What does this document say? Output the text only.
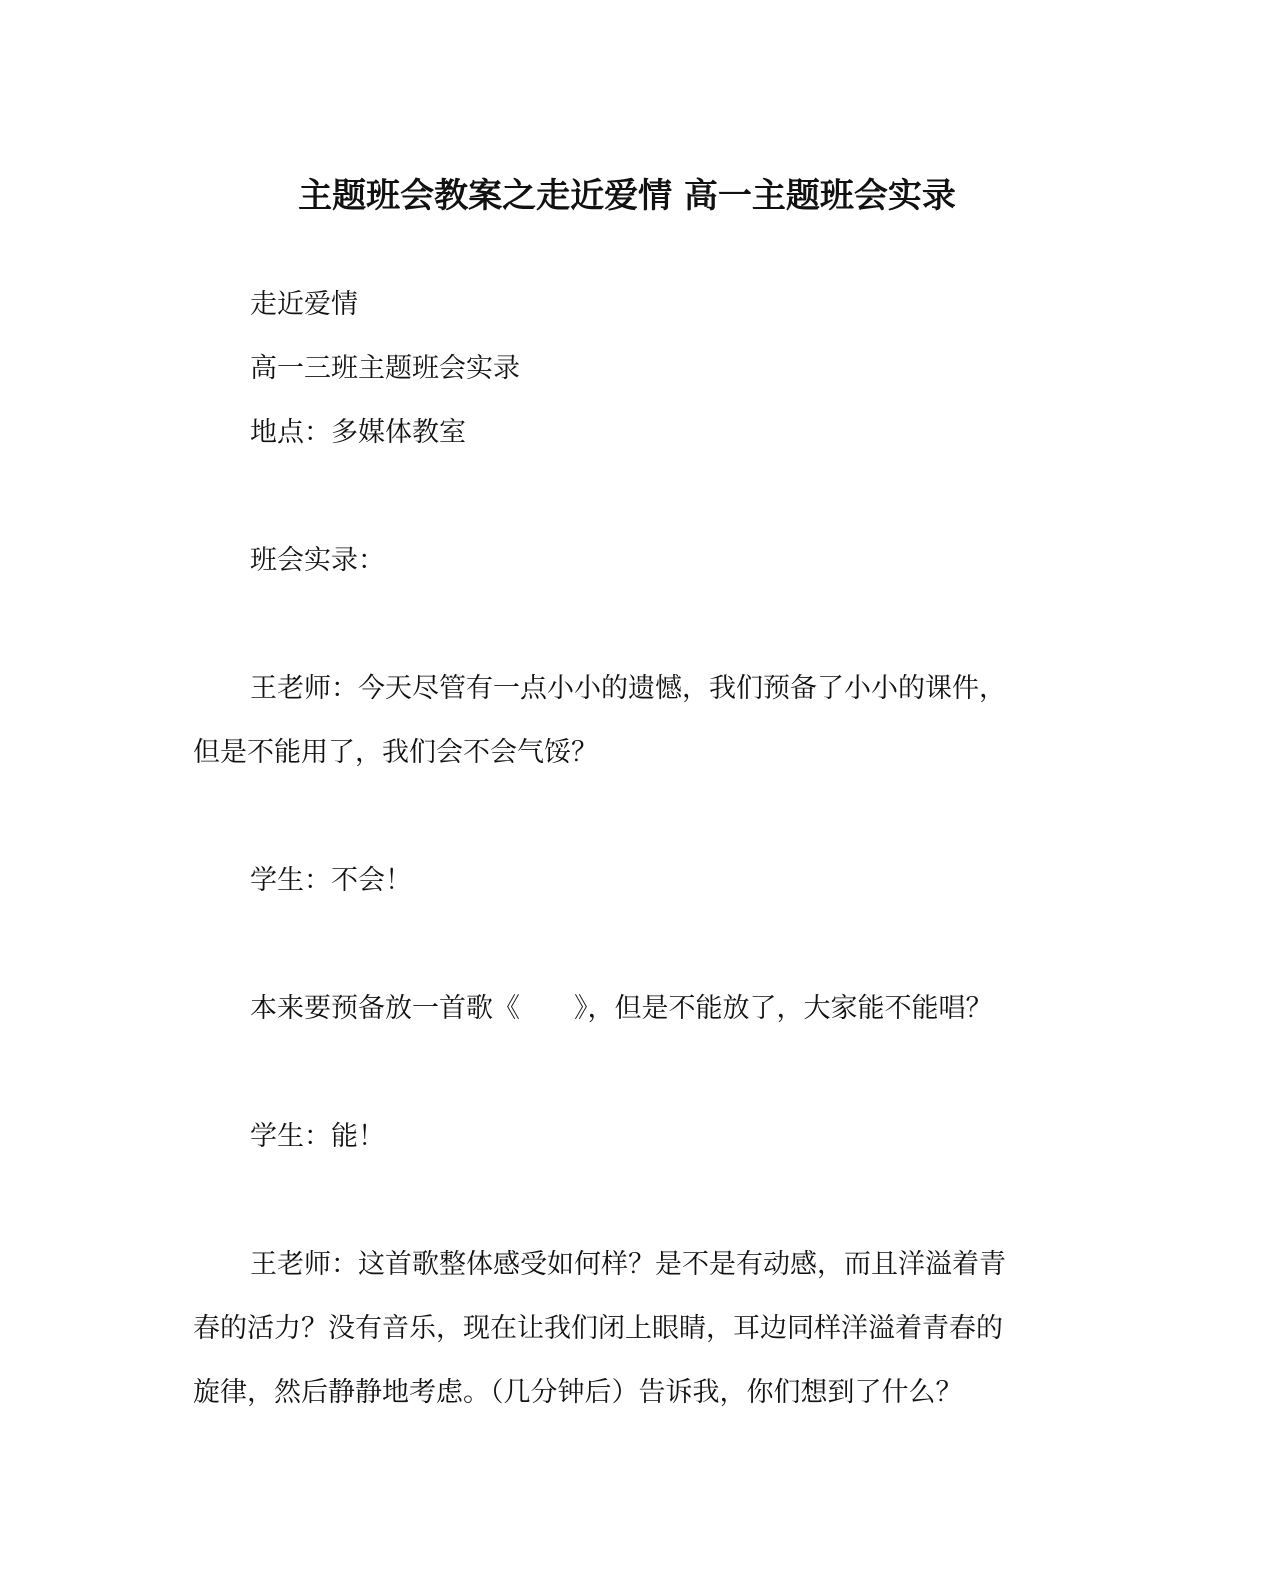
主题班会教案之走近爱情 高一主题班会实录
走近爱情
高一三班主题班会实录
地点：多媒体教室
班会实录：
王老师：今天尽管有一点小小的遗憾，我们预备了小小的课件，
但是不能用了，我们会不会气馁？
学生：不会！
本来要预备放一首歌《　　》，但是不能放了，大家能不能唱？
学生：能！
王老师：这首歌整体感受如何样？是不是有动感，而且洋溢着青
春的活力？没有音乐，现在让我们闭上眼睛，耳边同样洋溢着青春的
旋律，然后静静地考虑。（几分钟后）告诉我，你们想到了什么？
